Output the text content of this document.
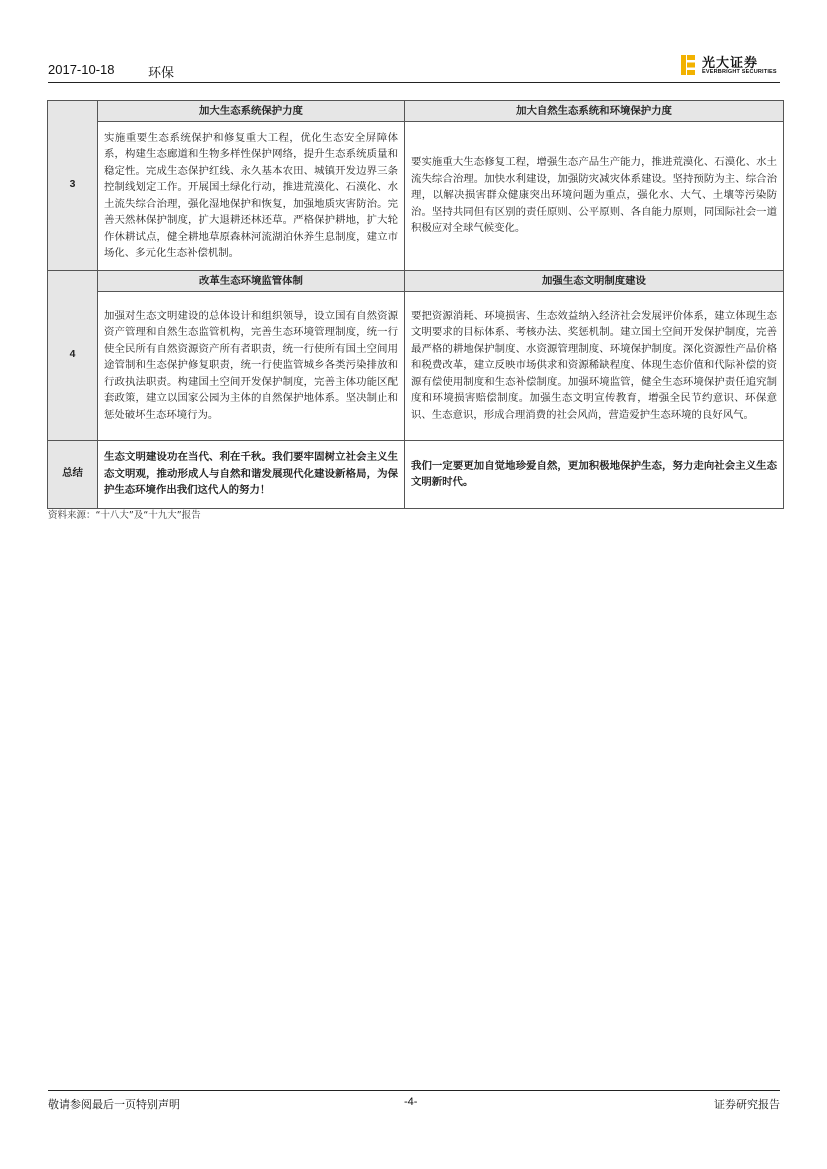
2017-10-18	环保
光大证券
EVERBRIGHT SECURITIES
3	加大生态系统保护力度	加大自然生态系统和环境保护力度
	实施重要生态系统保护和修复重大工程，优化生态安全屏障体系，构建生态廊道和生物多样性保护网络，提升生态系统质量和稳定性。完成生态保护红线、永久基本农田、城镇开发边界三条控制线划定工作。开展国土绿化行动，推进荒漠化、石漠化、水土流失综合治理，强化湿地保护和恢复，加强地质灾害防治。完善天然林保护制度，扩大退耕还林还草。严格保护耕地，扩大轮作休耕试点，健全耕地草原森林河流湖泊休养生息制度，建立市场化、多元化生态补偿机制。	要实施重大生态修复工程，增强生态产品生产能力，推进荒漠化、石漠化、水土流失综合治理。加快水利建设，加强防灾减灾体系建设。坚持预防为主、综合治理，以解决损害群众健康突出环境问题为重点，强化水、大气、土壤等污染防治。坚持共同但有区别的责任原则、公平原则、各自能力原则，同国际社会一道积极应对全球气候变化。
4	改革生态环境监管体制	加强生态文明制度建设
	加强对生态文明建设的总体设计和组织领导，设立国有自然资源资产管理和自然生态监管机构，完善生态环境管理制度，统一行使全民所有自然资源资产所有者职责，统一行使所有国土空间用途管制和生态保护修复职责，统一行使监管城乡各类污染排放和行政执法职责。构建国土空间开发保护制度，完善主体功能区配套政策，建立以国家公园为主体的自然保护地体系。坚决制止和惩处破坏生态环境行为。	要把资源消耗、环境损害、生态效益纳入经济社会发展评价体系，建立体现生态文明要求的目标体系、考核办法、奖惩机制。建立国土空间开发保护制度，完善最严格的耕地保护制度、水资源管理制度、环境保护制度。深化资源性产品价格和税费改革，建立反映市场供求和资源稀缺程度、体现生态价值和代际补偿的资源有偿使用制度和生态补偿制度。加强环境监管，健全生态环境保护责任追究制度和环境损害赔偿制度。加强生态文明宣传教育，增强全民节约意识、环保意识、生态意识，形成合理消费的社会风尚，营造爱护生态环境的良好风气。
总结	生态文明建设功在当代、利在千秋。我们要牢固树立社会主义生态文明观，推动形成人与自然和谐发展现代化建设新格局，为保护生态环境作出我们这代人的努力！	我们一定要更加自觉地珍爱自然，更加积极地保护生态，努力走向社会主义生态文明新时代。
资料来源：“十八大”及“十九大”报告
敬请参阅最后一页特别声明	-4-	证券研究报告
